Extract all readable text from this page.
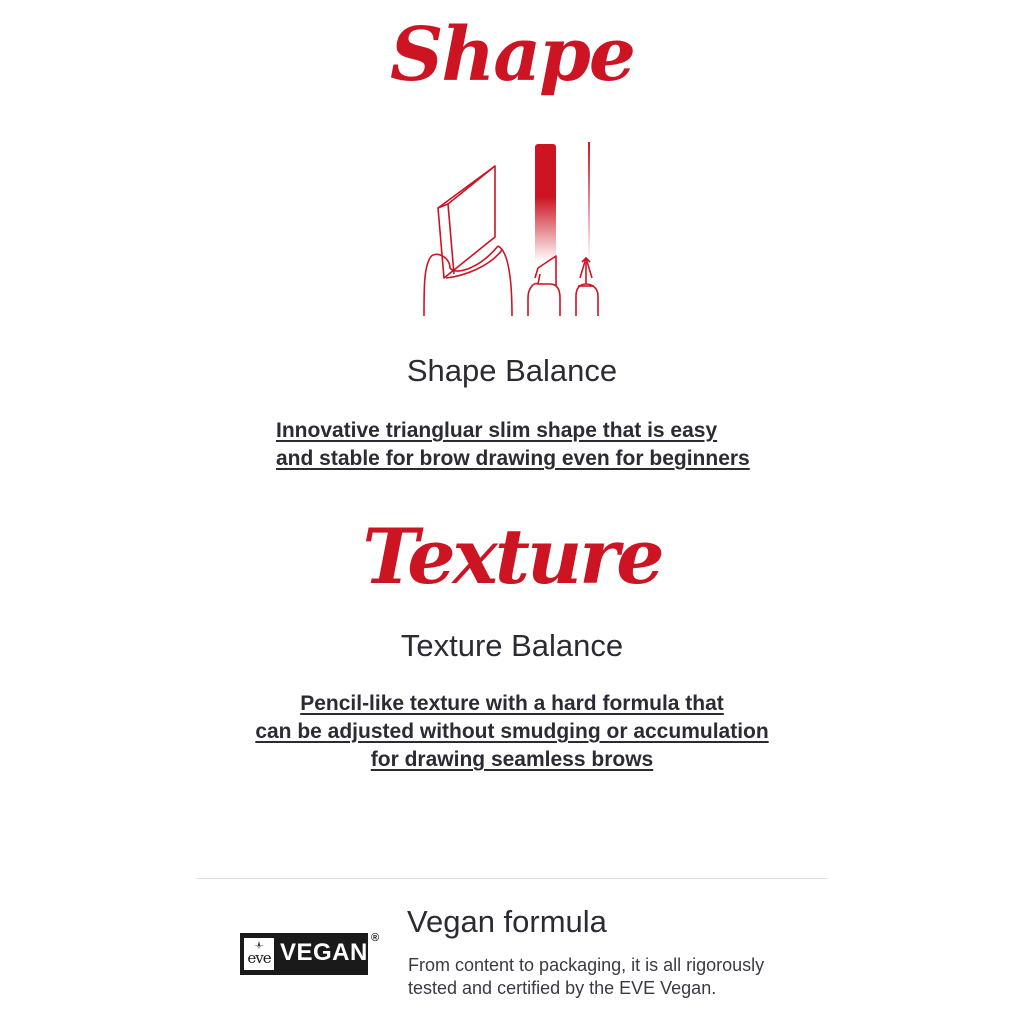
Shape
Shape Balance
Innovative triangluar slim shape that is easy
and stable for brow drawing even for beginners
Texture
Texture Balance
Pencil-like texture with a hard formula that
can be adjusted without smudging or accumulation
for drawing seamless brows
eve VEGAN
® Vegan formula

From content to packaging, it is all rigorously
tested and certified by the EVE Vegan.
